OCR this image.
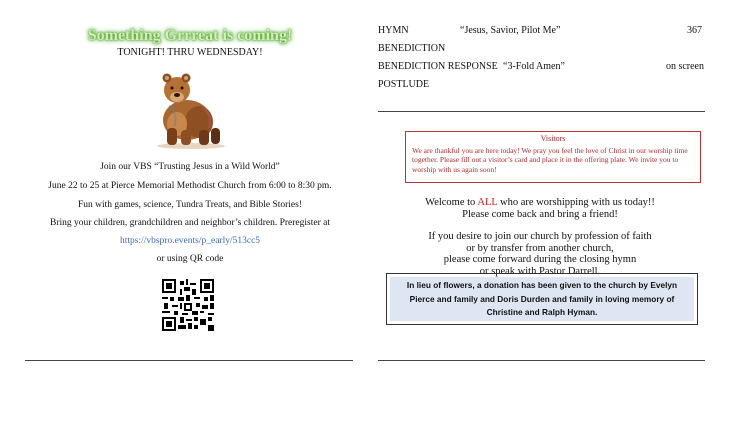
Something Grrreat is coming!
TONIGHT! THRU WEDNESDAY!
Join our VBS “Trusting Jesus in a Wild World”
June 22 to 25 at Pierce Memorial Methodist Church from 6:00 to 8:30 pm.
Fun with games, science, Tundra Treats, and Bible Stories!
Bring your children, grandchildren and neighbor’s children. Preregister at
https://vbspro.events/p_early/513cc5
or using QR code
HYMN	“Jesus, Savior, Pilot Me”	367
BENEDICTION
BENEDICTION RESPONSE “3-Fold Amen”	on screen
POSTLUDE
Visitors
We are thankful you are here today! We pray you feel the love of Christ in our worship time together. Please fill out a visitor’s card and place it in the offering plate. We invite you to worship with us again soon!
Welcome to ALL who are worshipping with us today!!
Please come back and bring a friend!
If you desire to join our church by profession of faith
or by transfer from another church,
please come forward during the closing hymn
or speak with Pastor Darrell.
In lieu of flowers, a donation has been given to the church by Evelyn Pierce and family and Doris Durden and family in loving memory of Christine and Ralph Hyman.
